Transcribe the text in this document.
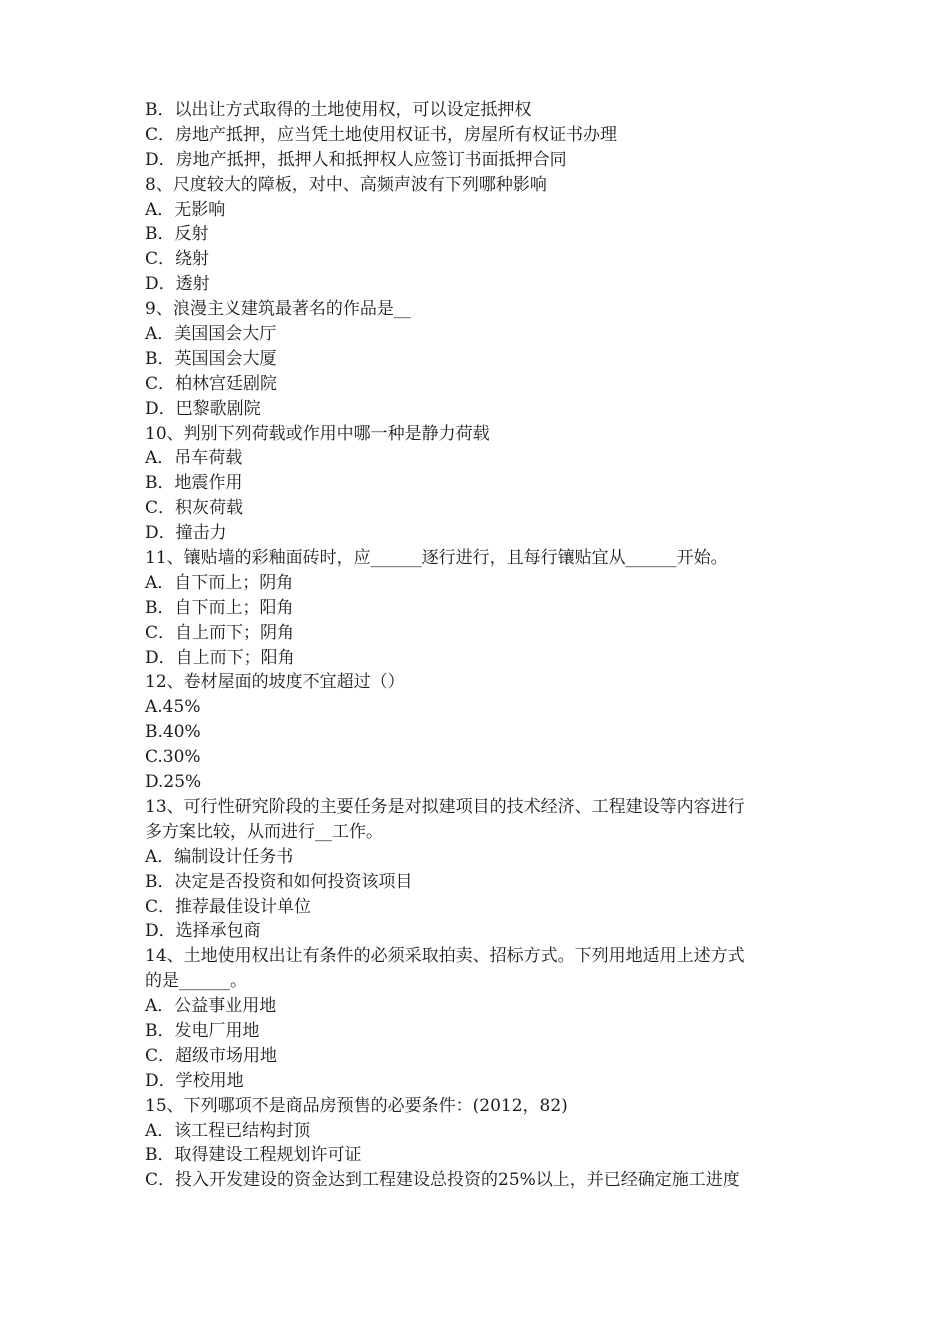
B．以出让方式取得的土地使用权，可以设定抵押权

C．房地产抵押，应当凭土地使用权证书，房屋所有权证书办理

D．房地产抵押，抵押人和抵押权人应签订书面抵押合同

8、尺度较大的障板，对中、高频声波有下列哪种影响

A．无影响

B．反射

C．绕射

D．透射

9、浪漫主义建筑最著名的作品是__

A．美国国会大厅

B．英国国会大厦

C．柏林宫廷剧院

D．巴黎歌剧院

10、判别下列荷载或作用中哪一种是静力荷载

A．吊车荷载

B．地震作用

C．积灰荷载

D．撞击力

11、镶贴墙的彩釉面砖时，应______逐行进行，且每行镶贴宜从______开始。

A．自下而上；阴角

B．自下而上；阳角

C．自上而下；阴角

D．自上而下；阳角

12、卷材屋面的坡度不宜超过（）

A.45%

B.40%

C.30%

D.25%

13、可行性研究阶段的主要任务是对拟建项目的技术经济、工程建设等内容进行

多方案比较，从而进行__工作。

A．编制设计任务书

B．决定是否投资和如何投资该项目

C．推荐最佳设计单位

D．选择承包商

14、土地使用权出让有条件的必须采取拍卖、招标方式。下列用地适用上述方式

的是______。

A．公益事业用地

B．发电厂用地

C．超级市场用地

D．学校用地

15、下列哪项不是商品房预售的必要条件：(2012，82)

A．该工程已结构封顶

B．取得建设工程规划许可证

C．投入开发建设的资金达到工程建设总投资的25%以上，并已经确定施工进度
